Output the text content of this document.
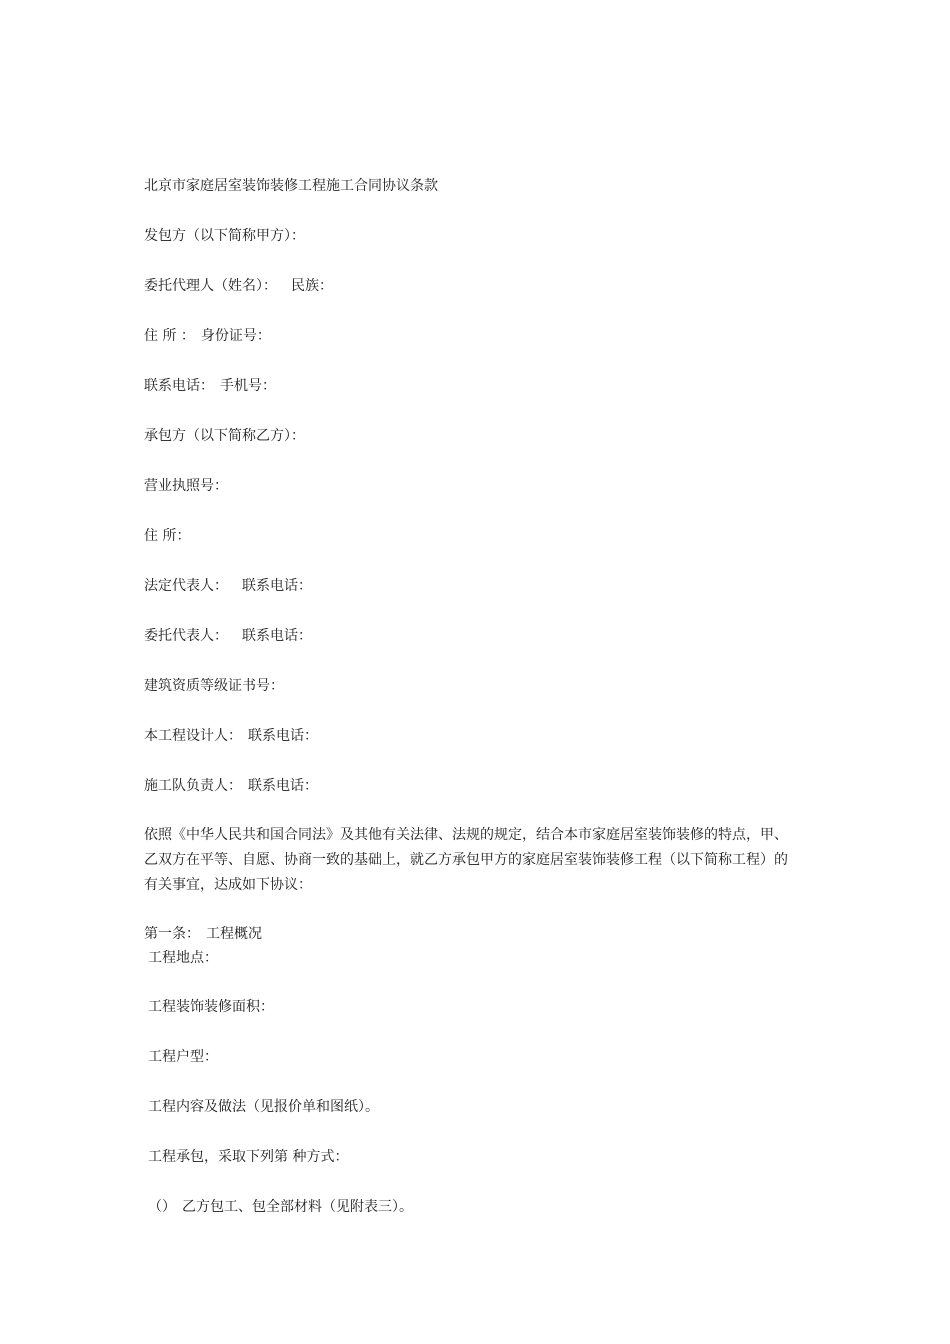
北京市家庭居室装饰装修工程施工合同协议条款
发包方（以下简称甲方）：
委托代理人（姓名）： 民族：
住 所 ： 身份证号：
联系电话： 手机号：
承包方（以下简称乙方）：
营业执照号：
住 所：
法定代表人： 联系电话：
委托代表人： 联系电话：
建筑资质等级证书号：
本工程设计人： 联系电话：
施工队负责人： 联系电话：
依照《中华人民共和国合同法》及其他有关法律、法规的规定，结合本市家庭居室装饰装修的特点，甲、
乙双方在平等、自愿、协商一致的基础上，就乙方承包甲方的家庭居室装饰装修工程（以下简称工程）的
有关事宜，达成如下协议：
第一条： 工程概况
工程地点：
工程装饰装修面积：
工程户型：
工程内容及做法（见报价单和图纸）。
工程承包，采取下列第 种方式：
（） 乙方包工、包全部材料（见附表三）。
